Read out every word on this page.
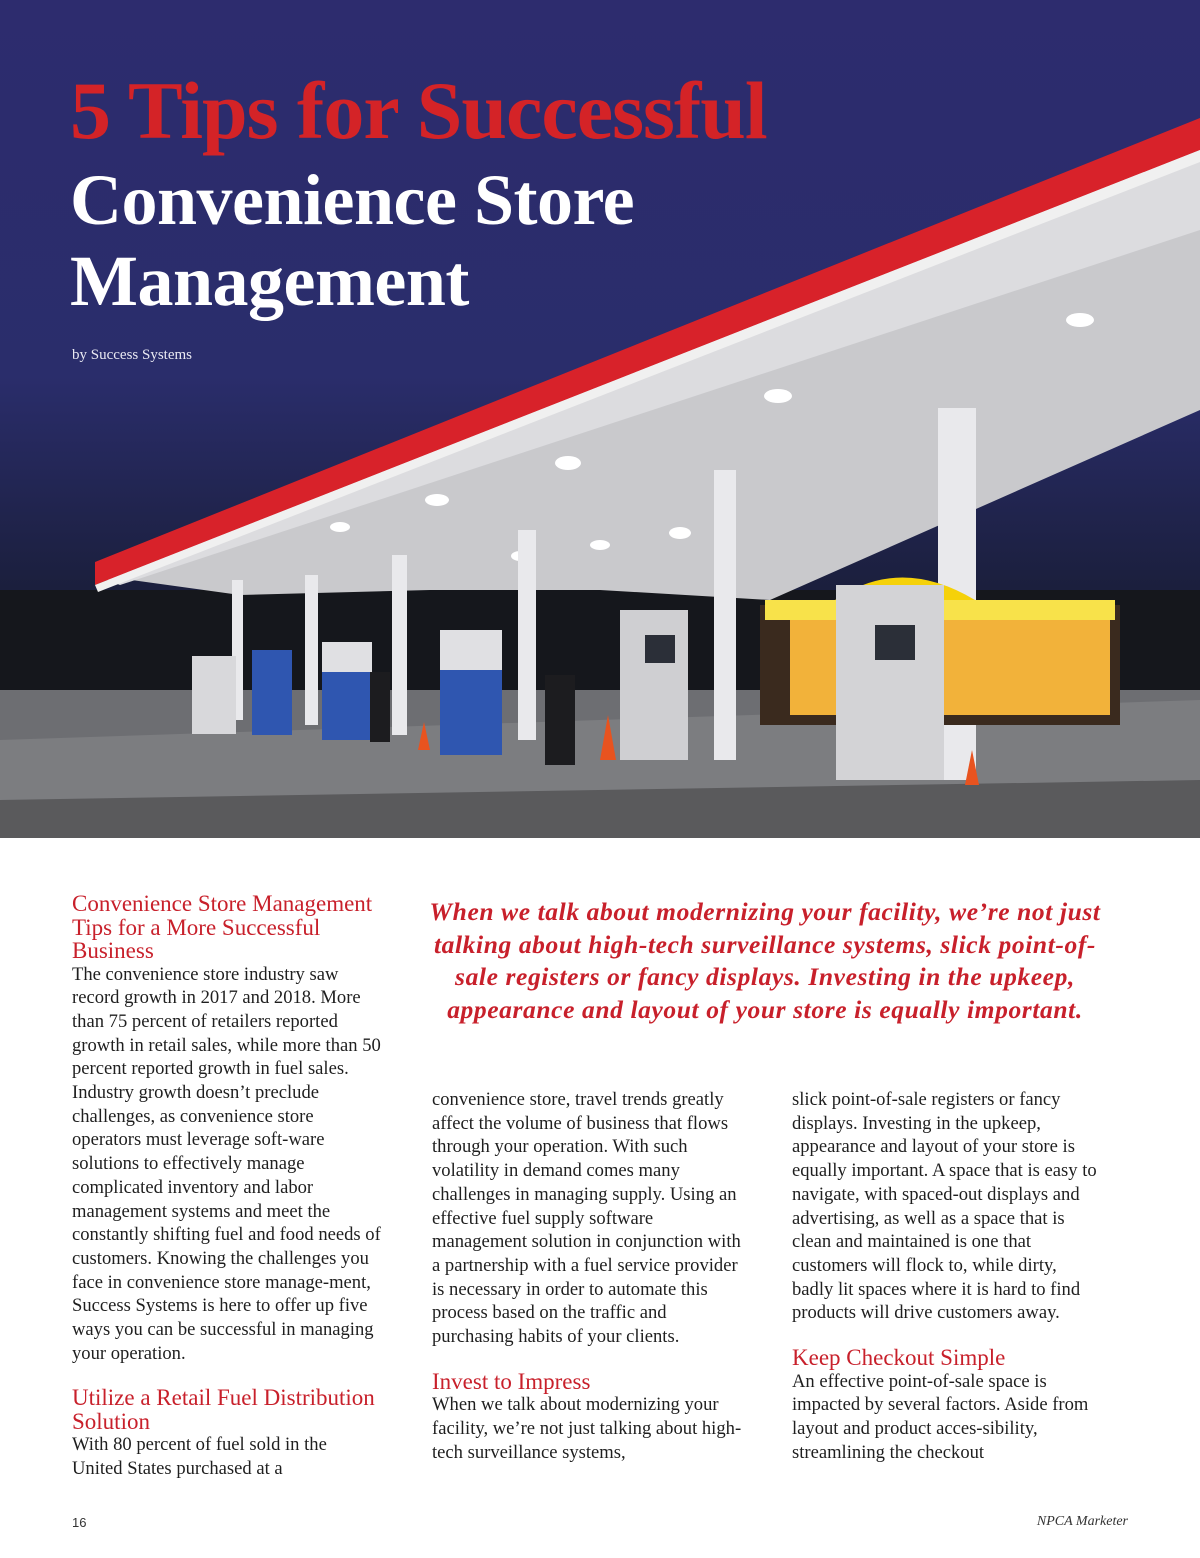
5 Tips for Successful
Convenience Store Management
by Success Systems
Convenience Store Management Tips for a More Successful Business

The convenience store industry saw record growth in 2017 and 2018. More than 75 percent of retailers reported growth in retail sales, while more than 50 percent reported growth in fuel sales. Industry growth doesn’t preclude challenges, as convenience store operators must leverage soft-ware solutions to effectively manage complicated inventory and labor management systems and meet the constantly shifting fuel and food needs of customers. Knowing the challenges you face in convenience store manage-ment, Success Systems is here to offer up five ways you can be successful in managing your operation.

Utilize a Retail Fuel Distribution Solution

With 80 percent of fuel sold in the United States purchased at a

When we talk about modernizing your facility, we’re not just talking about high-tech surveillance systems, slick point-of-sale registers or fancy displays. Investing in the upkeep, appearance and layout of your store is equally important.

convenience store, travel trends greatly affect the volume of business that flows through your operation. With such volatility in demand comes many challenges in managing supply. Using an effective fuel supply software management solution in conjunction with a partnership with a fuel service provider is necessary in order to automate this process based on the traffic and purchasing habits of your clients.

Invest to Impress

When we talk about modernizing your facility, we’re not just talking about high-tech surveillance systems,

slick point-of-sale registers or fancy displays. Investing in the upkeep, appearance and layout of your store is equally important. A space that is easy to navigate, with spaced-out displays and advertising, as well as a space that is clean and maintained is one that customers will flock to, while dirty, badly lit spaces where it is hard to find products will drive customers away.

Keep Checkout Simple

An effective point-of-sale space is impacted by several factors. Aside from layout and product acces-sibility, streamlining the checkout

16	NPCA Marketer
